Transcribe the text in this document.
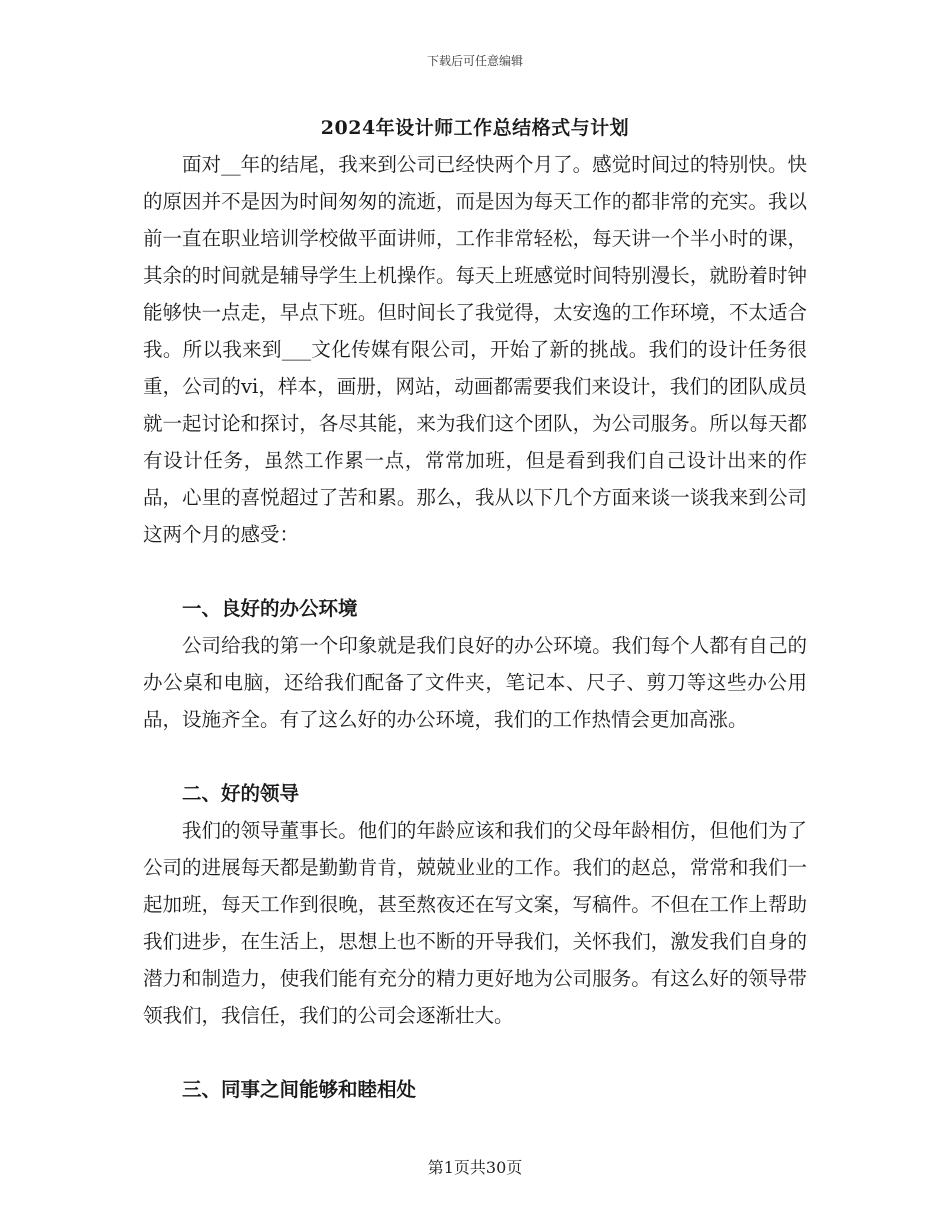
下载后可任意编辑
2024年设计师工作总结格式与计划

面对__年的结尾，我来到公司已经快两个月了。感觉时间过的特别快。快的原因并不是因为时间匆匆的流逝，而是因为每天工作的都非常的充实。我以前一直在职业培训学校做平面讲师，工作非常轻松，每天讲一个半小时的课，其余的时间就是辅导学生上机操作。每天上班感觉时间特别漫长，就盼着时钟能够快一点走，早点下班。但时间长了我觉得，太安逸的工作环境，不太适合我。所以我来到___文化传媒有限公司，开始了新的挑战。我们的设计任务很重，公司的vi，样本，画册，网站，动画都需要我们来设计，我们的团队成员就一起讨论和探讨，各尽其能，来为我们这个团队，为公司服务。所以每天都有设计任务，虽然工作累一点，常常加班，但是看到我们自己设计出来的作品，心里的喜悦超过了苦和累。那么，我从以下几个方面来谈一谈我来到公司这两个月的感受：

一、良好的办公环境

公司给我的第一个印象就是我们良好的办公环境。我们每个人都有自己的办公桌和电脑，还给我们配备了文件夹，笔记本、尺子、剪刀等这些办公用品，设施齐全。有了这么好的办公环境，我们的工作热情会更加高涨。

二、好的领导

我们的领导董事长。他们的年龄应该和我们的父母年龄相仿，但他们为了公司的进展每天都是勤勤肯肯，兢兢业业的工作。我们的赵总，常常和我们一起加班，每天工作到很晚，甚至熬夜还在写文案，写稿件。不但在工作上帮助我们进步，在生活上，思想上也不断的开导我们，关怀我们，激发我们自身的潜力和制造力，使我们能有充分的精力更好地为公司服务。有这么好的领导带领我们，我信任，我们的公司会逐渐壮大。

三、同事之间能够和睦相处

第1页共30页
